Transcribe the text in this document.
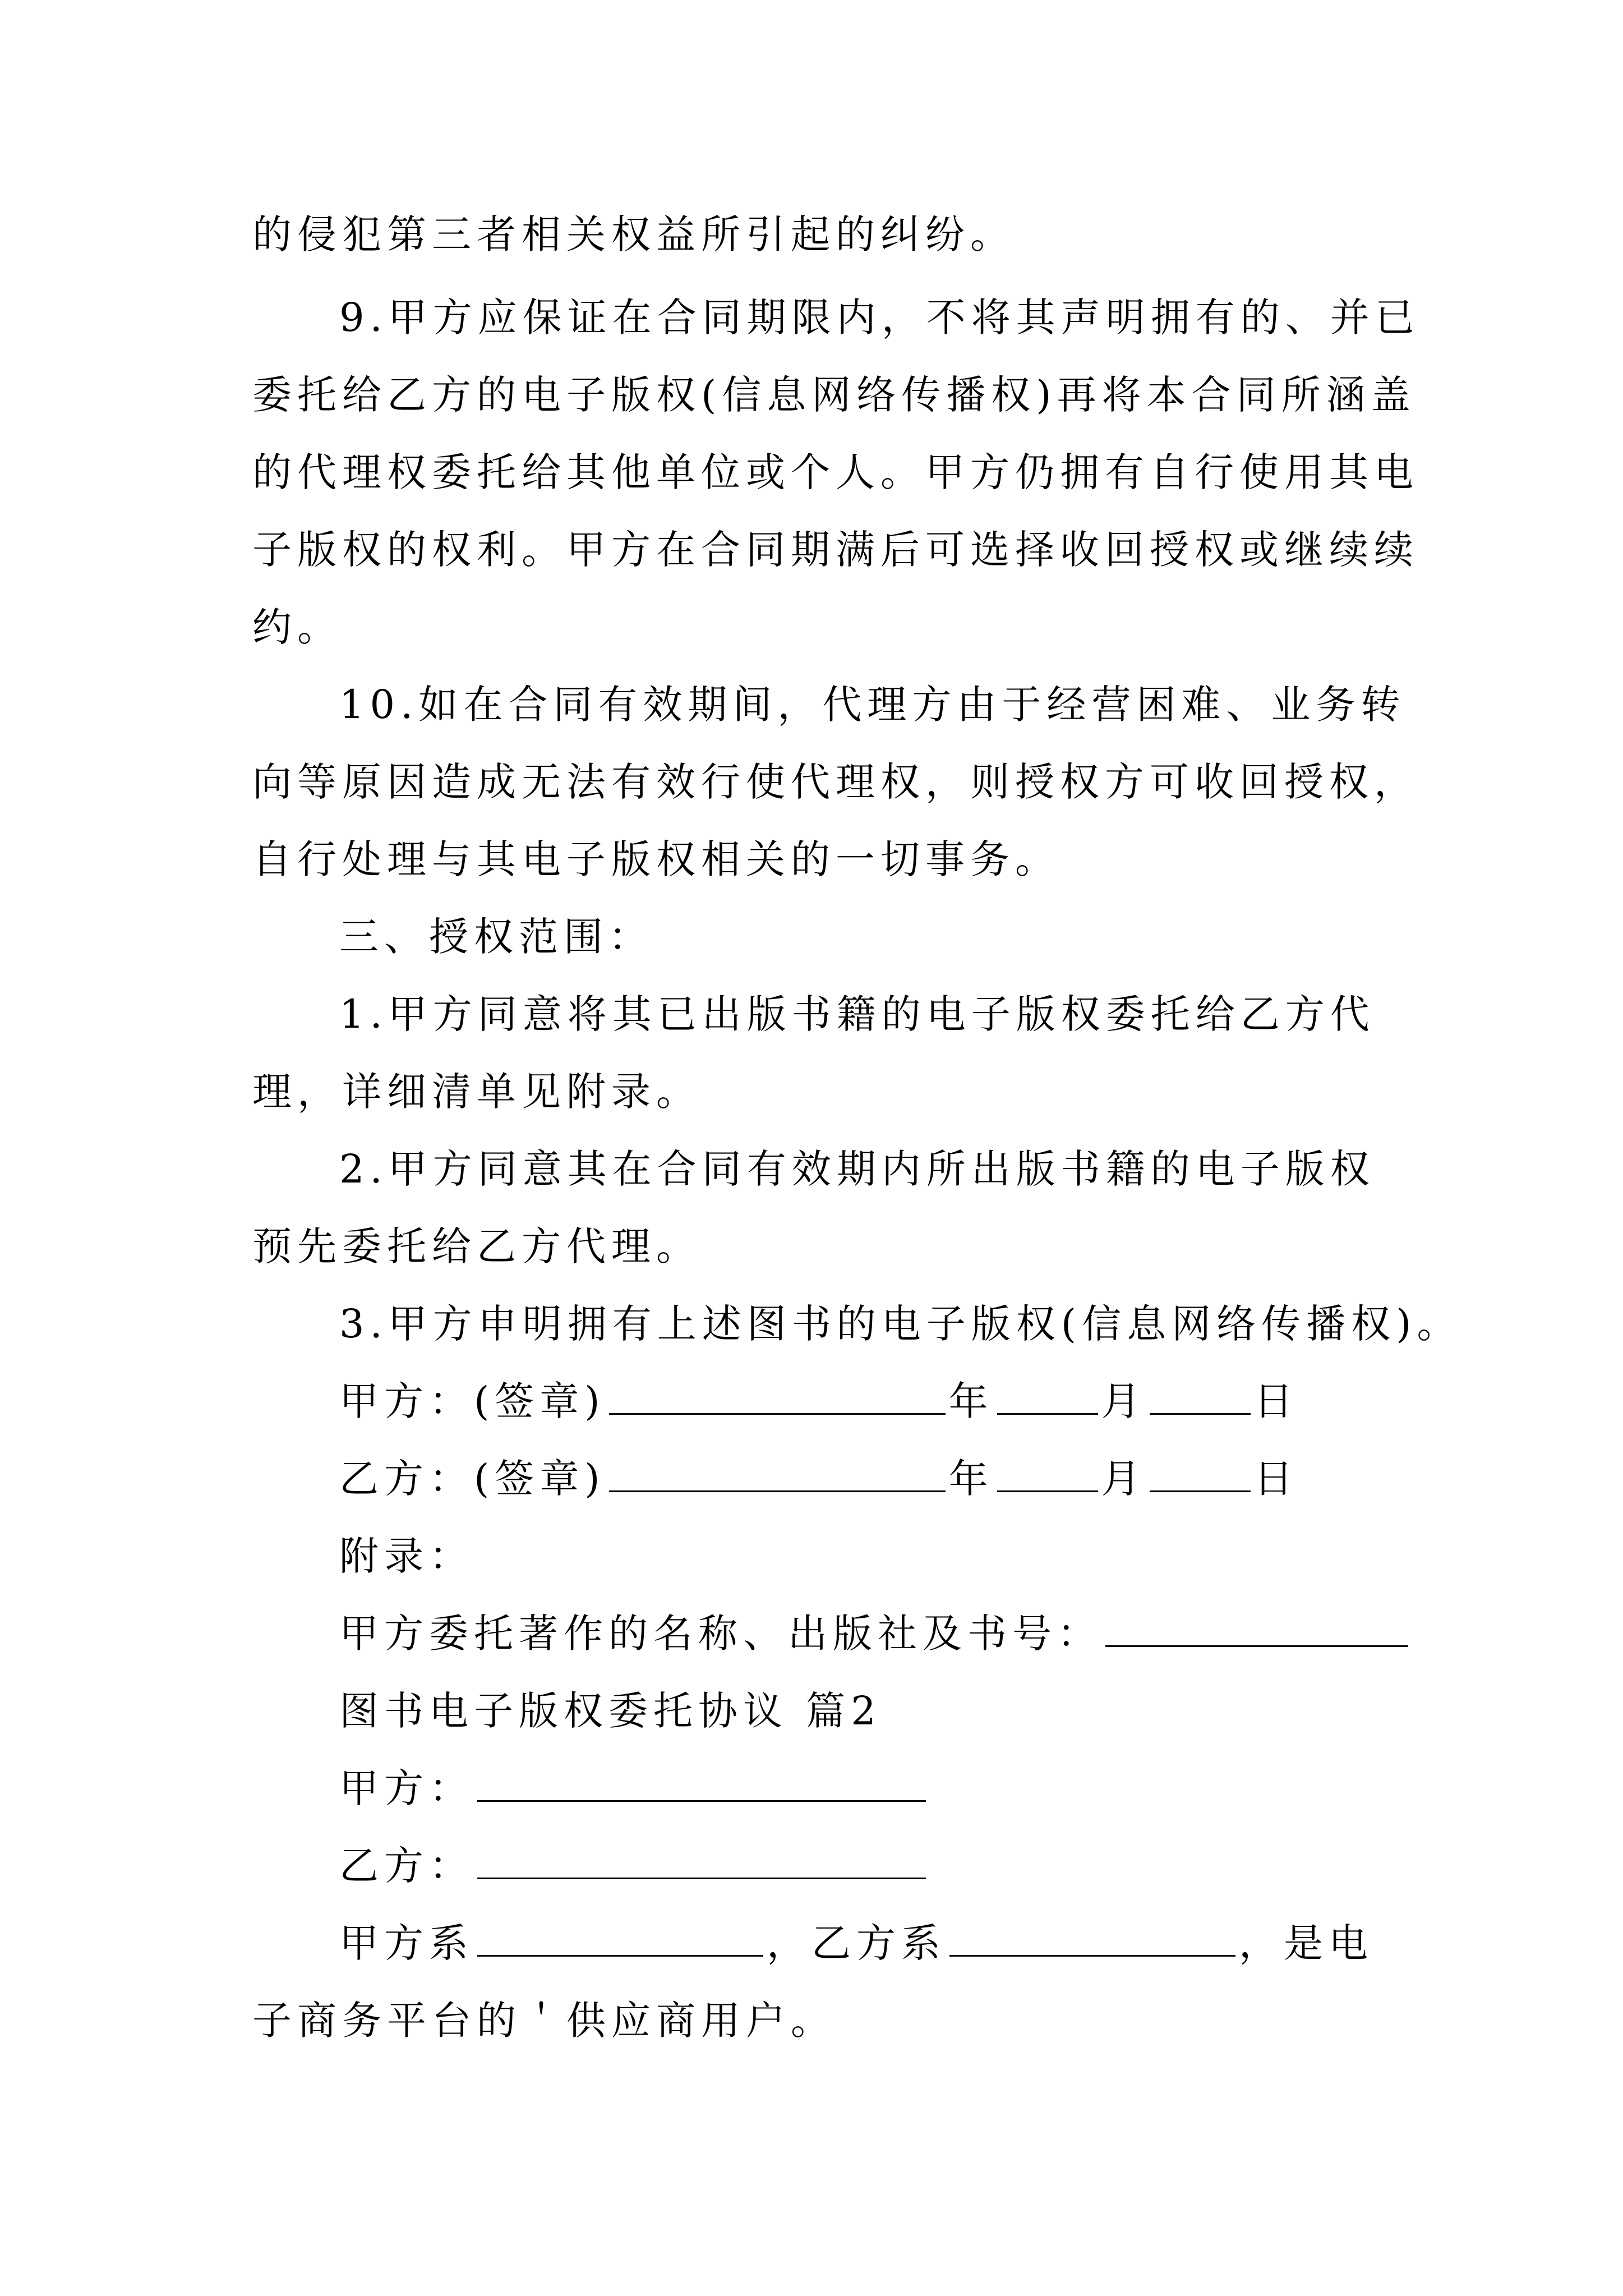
的侵犯第三者相关权益所引起的纠纷。
9.甲方应保证在合同期限内，不将其声明拥有的、并已
委托给乙方的电子版权(信息网络传播权)再将本合同所涵盖
的代理权委托给其他单位或个人。甲方仍拥有自行使用其电
子版权的权利。甲方在合同期满后可选择收回授权或继续续
约。
10.如在合同有效期间，代理方由于经营困难、业务转
向等原因造成无法有效行使代理权，则授权方可收回授权，
自行处理与其电子版权相关的一切事务。
三、授权范围：
1.甲方同意将其已出版书籍的电子版权委托给乙方代
理，详细清单见附录。
2.甲方同意其在合同有效期内所出版书籍的电子版权
预先委托给乙方代理。
3.甲方申明拥有上述图书的电子版权(信息网络传播权)。
甲方：(签章)	年	月	日
乙方：(签章)	年	月	日
附录：
甲方委托著作的名称、出版社及书号：
图书电子版权委托协议 篇2
甲方：
乙方：
甲方系	，乙方系	，是电
子商务平台的＇供应商用户。
